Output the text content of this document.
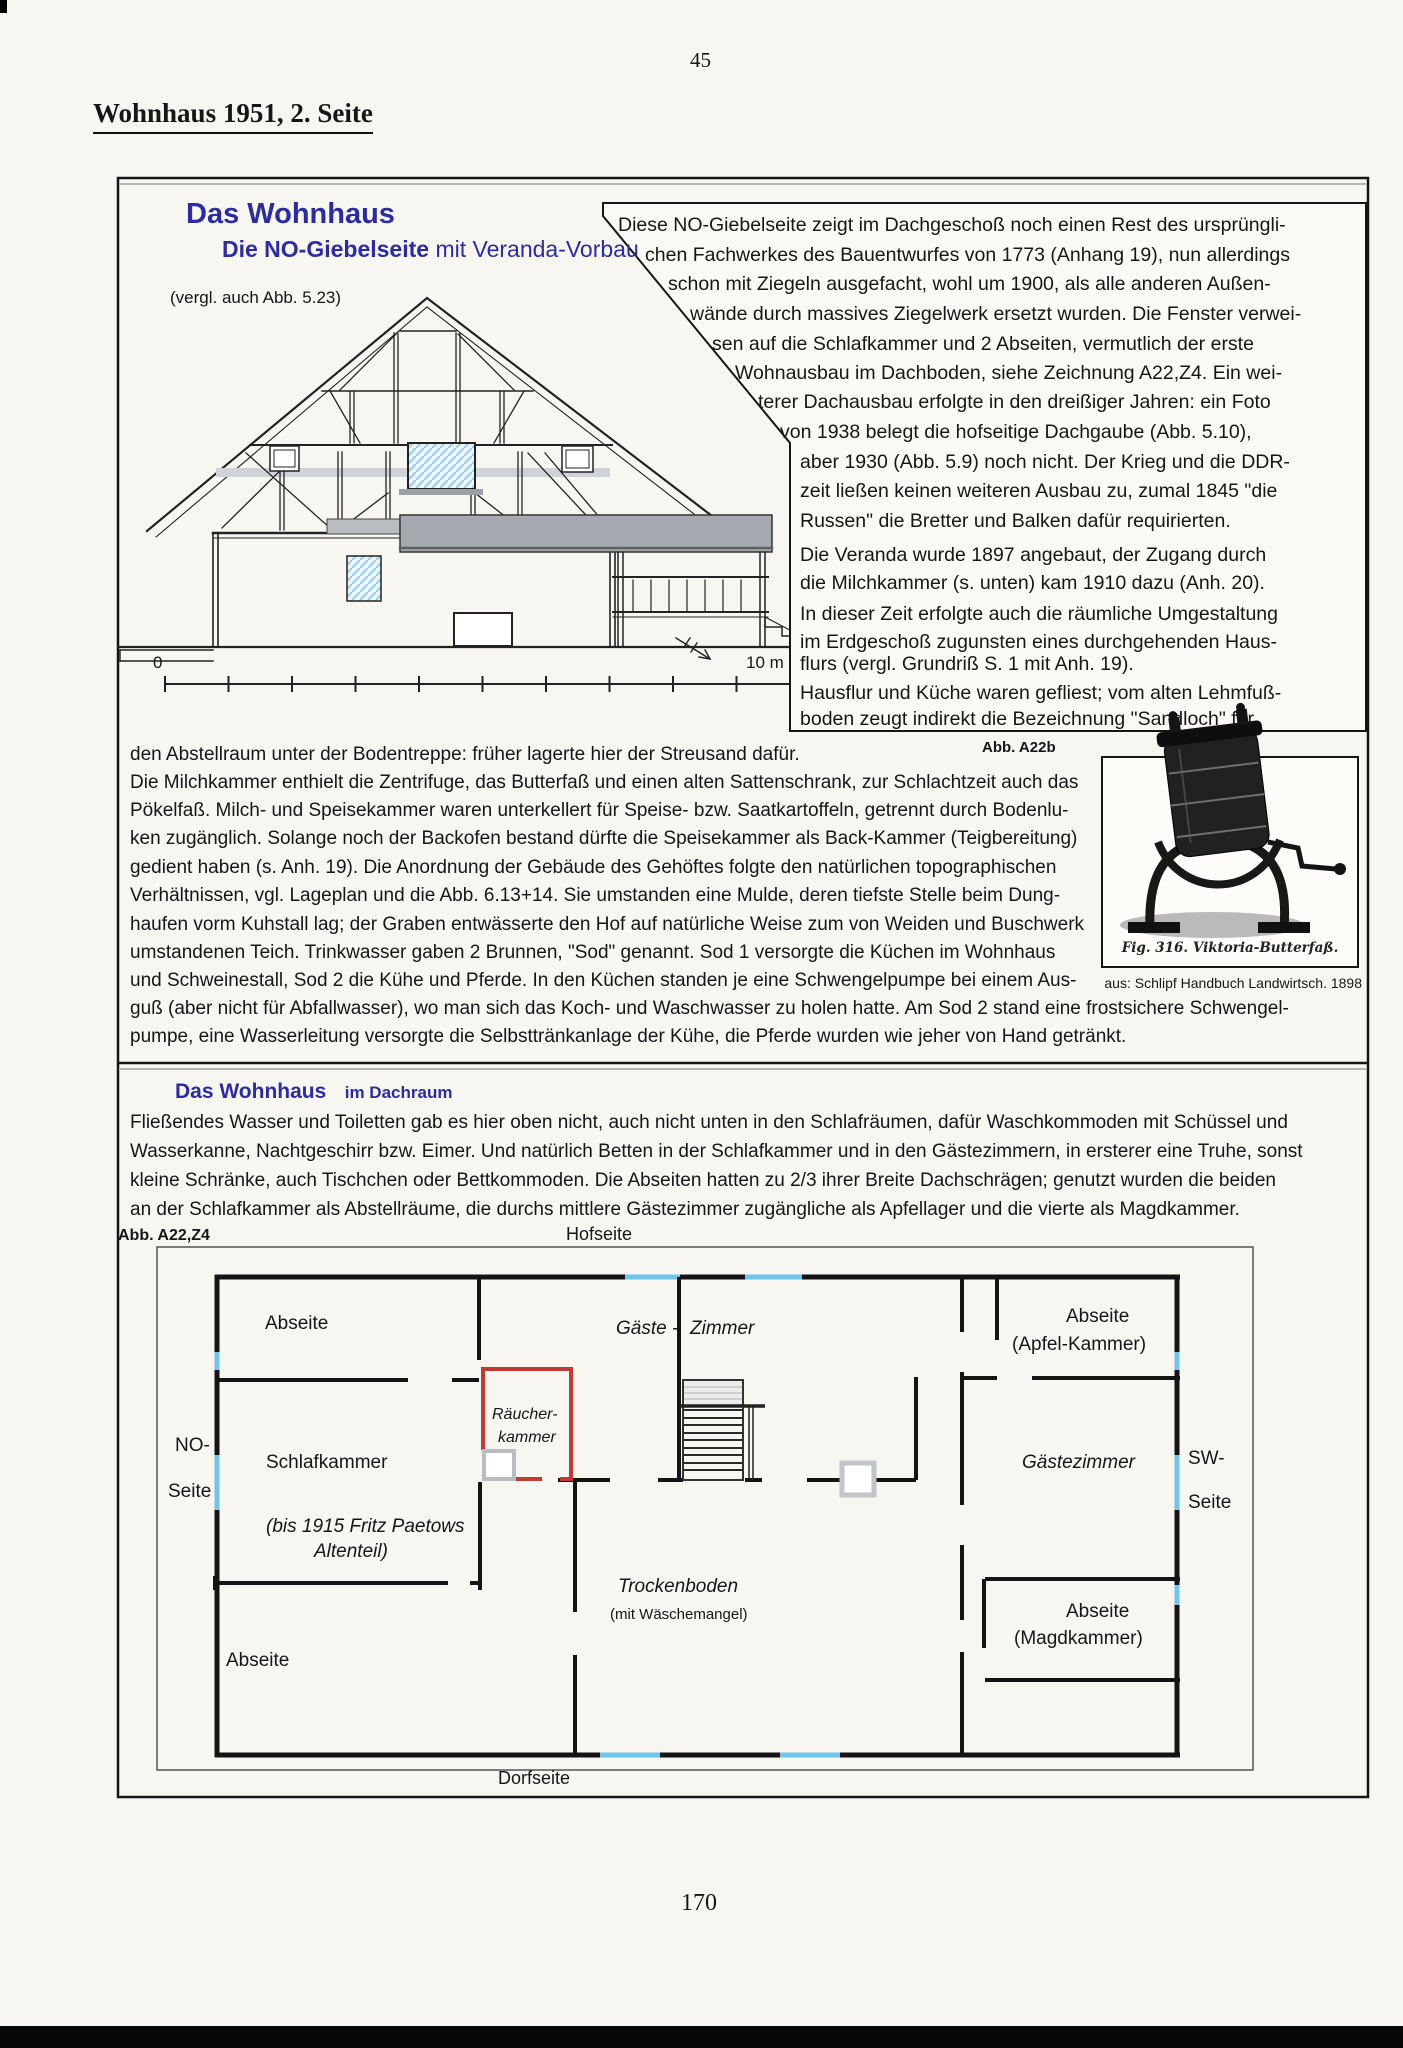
45
Wohnhaus 1951, 2. Seite
Das Wohnhaus
Die NO-Giebelseite mit Veranda-Vorbau
(vergl. auch Abb. 5.23)
0	10 m
Diese NO-Giebelseite zeigt im Dachgeschoß noch einen Rest des ursprüngli-
chen Fachwerkes des Bauentwurfes von 1773 (Anhang 19), nun allerdings
schon mit Ziegeln ausgefacht, wohl um 1900, als alle anderen Außen-
wände durch massives Ziegelwerk ersetzt wurden. Die Fenster verwei-
sen auf die Schlafkammer und 2 Abseiten, vermutlich der erste
Wohnausbau im Dachboden, siehe Zeichnung A22,Z4. Ein wei-
terer Dachausbau erfolgte in den dreißiger Jahren: ein Foto
von 1938 belegt die hofseitige Dachgaube (Abb. 5.10),
aber 1930 (Abb. 5.9) noch nicht. Der Krieg und die DDR-
zeit ließen keinen weiteren Ausbau zu, zumal 1845 "die
Russen" die Bretter und Balken dafür requirierten.
Die Veranda wurde 1897 angebaut, der Zugang durch
die Milchkammer (s. unten) kam 1910 dazu (Anh. 20).
In dieser Zeit erfolgte auch die räumliche Umgestaltung
im Erdgeschoß zugunsten eines durchgehenden Haus-
flurs (vergl. Grundriß S. 1 mit Anh. 19).
Hausflur und Küche waren gefliest; vom alten Lehmfuß-
boden zeugt indirekt die Bezeichnung "Sandloch" für
den Abstellraum unter der Bodentreppe: früher lagerte hier der Streusand dafür.
Die Milchkammer enthielt die Zentrifuge, das Butterfaß und einen alten Sattenschrank, zur Schlachtzeit auch das
Pökelfaß. Milch- und Speisekammer waren unterkellert für Speise- bzw. Saatkartoffeln, getrennt durch Bodenlu-
ken zugänglich. Solange noch der Backofen bestand dürfte die Speisekammer als Back-Kammer (Teigbereitung)
gedient haben (s. Anh. 19). Die Anordnung der Gebäude des Gehöftes folgte den natürlichen topographischen
Verhältnissen, vgl. Lageplan und die Abb. 6.13+14. Sie umstanden eine Mulde, deren tiefste Stelle beim Dung-
haufen vorm Kuhstall lag; der Graben entwässerte den Hof auf natürliche Weise zum von Weiden und Buschwerk
umstandenen Teich. Trinkwasser gaben 2 Brunnen, "Sod" genannt. Sod 1 versorgte die Küchen im Wohnhaus
und Schweinestall, Sod 2 die Kühe und Pferde. In den Küchen standen je eine Schwengelpumpe bei einem Aus-
guß (aber nicht für Abfallwasser), wo man sich das Koch- und Waschwasser zu holen hatte. Am Sod 2 stand eine frostsichere Schwengel-
pumpe, eine Wasserleitung versorgte die Selbsttränkanlage der Kühe, die Pferde wurden wie jeher von Hand getränkt.
Abb. A22b
Fig. 316. Viktoria-Butterfaß.
aus: Schlipf Handbuch Landwirtsch. 1898
Das Wohnhaus im Dachraum
Fließendes Wasser und Toiletten gab es hier oben nicht, auch nicht unten in den Schlafräumen, dafür Waschkommoden mit Schüssel und
Wasserkanne, Nachtgeschirr bzw. Eimer. Und natürlich Betten in der Schlafkammer und in den Gästezimmern, in ersterer eine Truhe, sonst
kleine Schränke, auch Tischchen oder Bettkommoden. Die Abseiten hatten zu 2/3 ihrer Breite Dachschrägen; genutzt wurden die beiden
an der Schlafkammer als Abstellräume, die durchs mittlere Gästezimmer zugängliche als Apfellager und die vierte als Magdkammer.
Abb. A22,Z4	Hofseite
Abseite	Gäste - Zimmer
Abseite
(Apfel-Kammer)
Räucher-
kammer
NO-
Seite
Schlafkammer
(bis 1915 Fritz Paetows
Altenteil)
Gästezimmer	SW-
Seite
Trockenboden
(mit Wäschemangel)
Abseite
Abseite
(Magdkammer)
Dorfseite
170
